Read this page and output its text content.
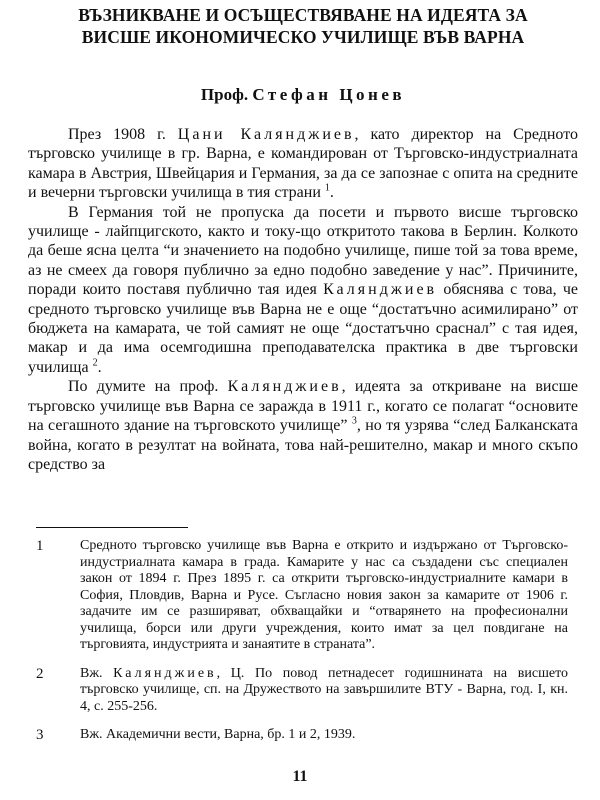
ВЪЗНИКВАНЕ И ОСЪЩЕСТВЯВАНЕ НА ИДЕЯТА ЗА
ВИСШЕ ИКОНОМИЧЕСКО УЧИЛИЩЕ ВЪВ ВАРНА
Проф. Стефан Цонев

През 1908 г. Цани Калянджиев, като директор на Средното търговско училище в гр. Варна, е командирован от Търговско-индустриалната камара в Австрия, Швейцария и Германия, за да се запознае с опита на средните и вечерни търговски училища в тия страни $^1$.

В Германия той не пропуска да посети и първото висше търговско училище - лайпцигското, както и току-що откритото такова в Берлин. Колкото да беше ясна целта “и значението на подобно училище, пише той за това време, аз не смеех да говоря публично за едно подобно заведение у нас”. Причините, поради които поставя публично тая идея Калянджиев обяснява с това, че средното търговско училище във Варна не е още “достатъчно асимилирано” от бюджета на камарата, че той самият не още “достатъчно сраснал” с тая идея, макар и да има осемгодишна преподавателска практика в две търговски училища $^2$.

По думите на проф. Калянджиев, идеята за откриване на висше търговско училище във Варна се заражда в 1911 г., когато се полагат “основите на сегашното здание на търговското училище” $^3$, но тя узрява “след Балканската война, когато в резултат на войната, това най-решително, макар и много скъпо средство за

1	Средното търговско училище във Варна е открито и издържано от Търговско-индустриалната камара в града. Камарите у нас са създадени със специален закон от 1894 г. През 1895 г. са открити търговско-индустриалните камари в София, Пловдив, Варна и Русе. Съгласно новия закон за камарите от 1906 г. задачите им се разширяват, обхващайки и “отварянето на професионални училища, борси или други учреждения, които имат за цел повдигане на търговията, индустрията и занаятите в страната”.
2	Вж. Калянджиев, Ц. По повод петнадесет годишнината на висшето търговско училище, сп. на Дружеството на завършилите ВТУ - Варна, год. I, кн. 4, с. 255-256.
3	Вж. Академични вести, Варна, бр. 1 и 2, 1939.
11
